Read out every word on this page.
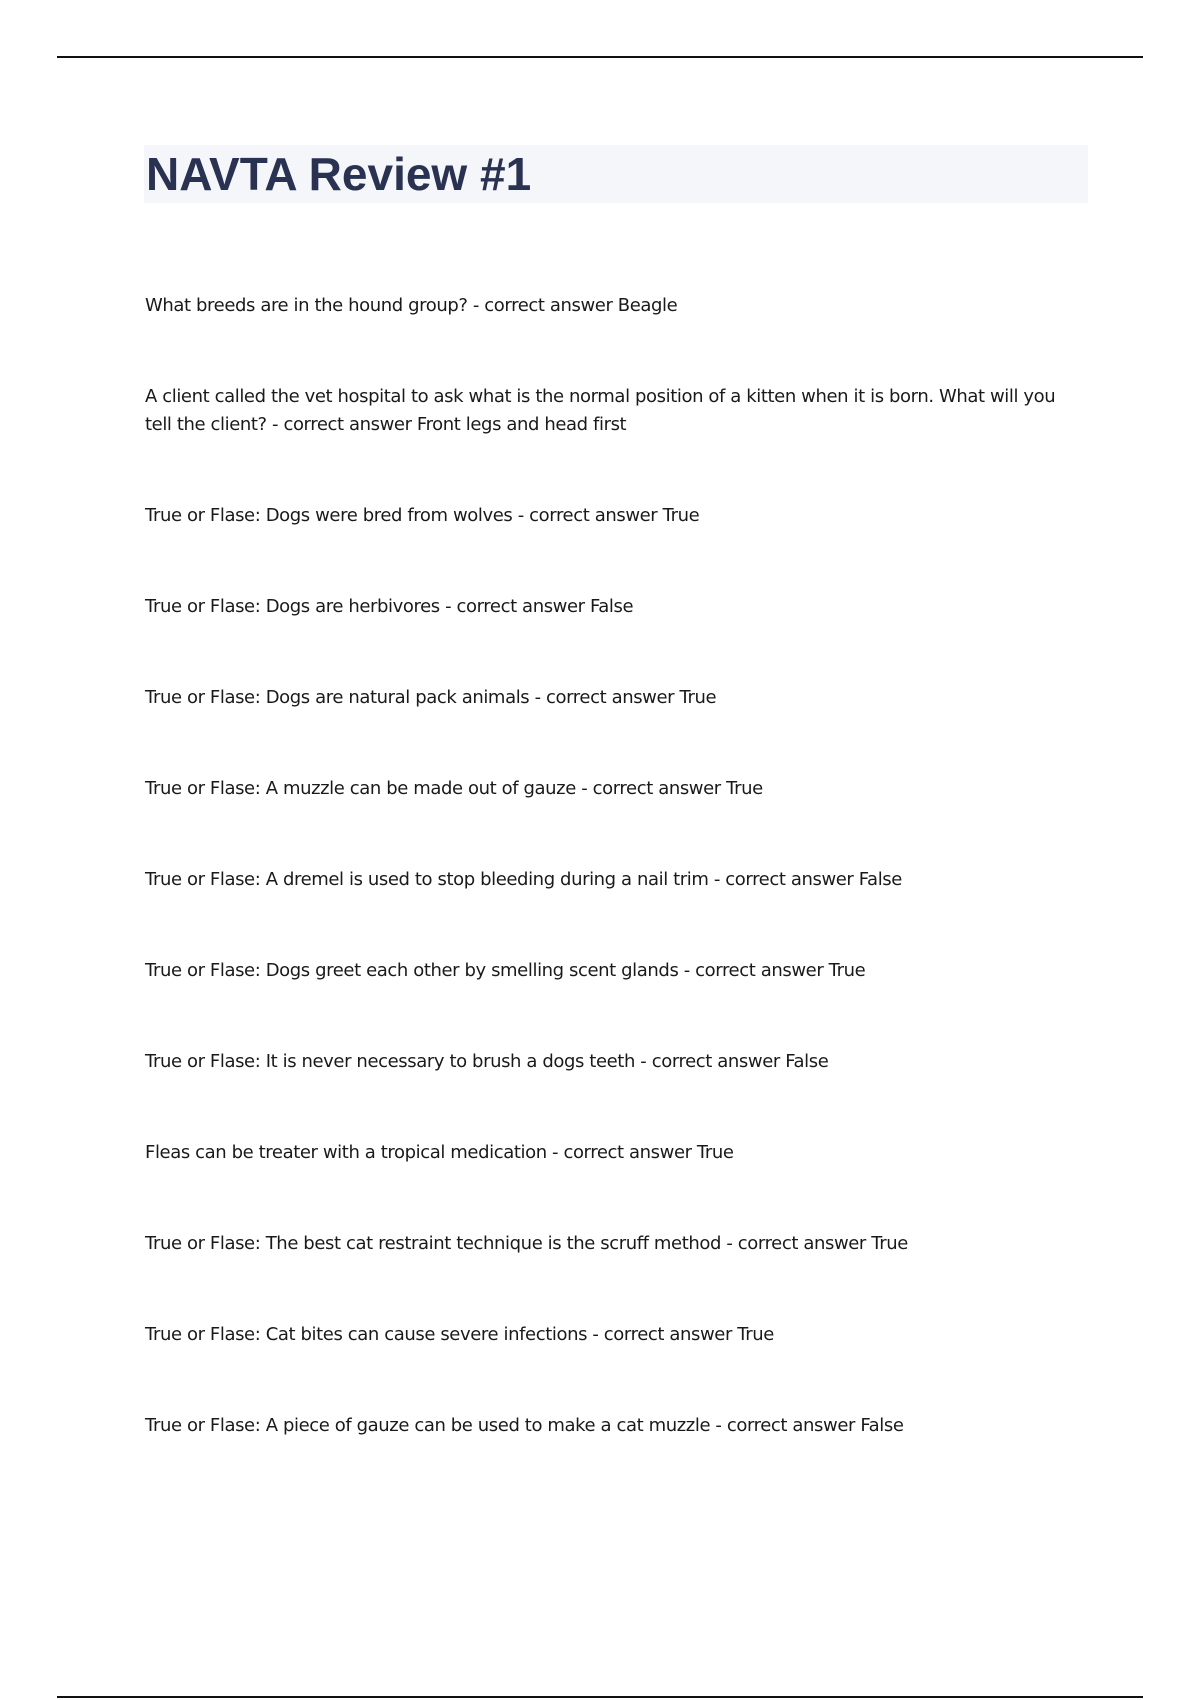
NAVTA Review #1
What breeds are in the hound group? - correct answer Beagle
A client called the vet hospital to ask what is the normal position of a kitten when it is born. What will you tell the client? - correct answer Front legs and head first
True or Flase: Dogs were bred from wolves - correct answer True
True or Flase: Dogs are herbivores - correct answer False
True or Flase: Dogs are natural pack animals - correct answer True
True or Flase: A muzzle can be made out of gauze - correct answer True
True or Flase: A dremel is used to stop bleeding during a nail trim - correct answer False
True or Flase: Dogs greet each other by smelling scent glands - correct answer True
True or Flase: It is never necessary to brush a dogs teeth - correct answer False
Fleas can be treater with a tropical medication - correct answer True
True or Flase: The best cat restraint technique is the scruff method - correct answer True
True or Flase: Cat bites can cause severe infections - correct answer True
True or Flase: A piece of gauze can be used to make a cat muzzle - correct answer False
